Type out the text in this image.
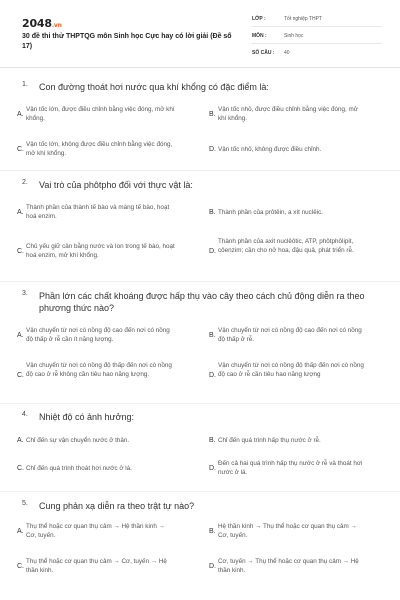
2048.vn
30 đề thi thử THPTQG môn Sinh học Cực hay có lời giải (Đề số 17)
LỚP :	Tốt nghiệp THPT
MÔN :	Sinh học
SỐ CÂU : 40
1. Con đường thoát hơi nước qua khí khổng có đặc điểm là:
A.
Vận tốc lớn, được điều chỉnh bằng việc đóng, mở khí khổng.
B.
Vận tốc nhỏ, được điều chỉnh bằng việc đóng, mở khí khổng.
C.
Vận tốc lớn, không được điều chỉnh bằng việc đóng, mở khí khổng.
D. Vận tốc nhỏ, không được điều chỉnh.
2. Vai trò của phôtpho đối với thực vật là:
A.
Thành phần của thành tế bào và màng tế bào, hoạt hoá enzim.
B. Thành phần của prôtêin, a xít nuclêic.
C.
Chủ yếu giữ cân bằng nước và Ion trong tế bào, hoạt hoá enzim, mở khí khổng.
D.
Thành phần của axit nuclêôtic, ATP, phôtphôlipit, côenzim; cần cho nở hoa, đậu quả, phát triển rễ.
3. Phần lớn các chất khoáng được hấp thụ vào cây theo cách chủ động diễn ra theo phương thức nào?
A.
Vận chuyển từ nơi có nồng độ cao đến nơi có nồng độ thấp ở rễ cần ít năng lượng.
B.
Vận chuyển từ nơi có nồng độ cao đến nơi có nồng độ thấp ở rễ.
C.
Vận chuyển từ nơi có nồng độ thấp đến nơi có nồng độ cao ở rễ không cần tiêu hao năng lượng.	D.
Vận chuyển từ nơi có nồng độ thấp đến nơi có nồng độ cao ở rễ cần tiêu hao năng lượng
4. Nhiệt độ có ảnh hưởng:
A. Chỉ đến sự vận chuyển nước ở thân.	B. Chỉ đến quá trình hấp thụ nước ở rễ.
C. Chỉ đến quá trình thoát hơi nước ở lá.	D.
Đến cả hai quá trình hấp thụ nước ở rễ và thoát hơi nước ở lá.
5. Cung phản xạ diễn ra theo trật tự nào?
A.
Thụ thể hoặc cơ quan thụ cảm → Hệ thần kinh → Cơ, tuyến.
B.
Hệ thần kinh → Thụ thể hoặc cơ quan thụ cảm → Cơ, tuyến.
C.
Thụ thể hoặc cơ quan thụ cảm → Cơ, tuyến → Hệ thần kinh.
D.
Cơ, tuyến → Thụ thể hoặc cơ quan thụ cảm → Hệ thần kinh.
